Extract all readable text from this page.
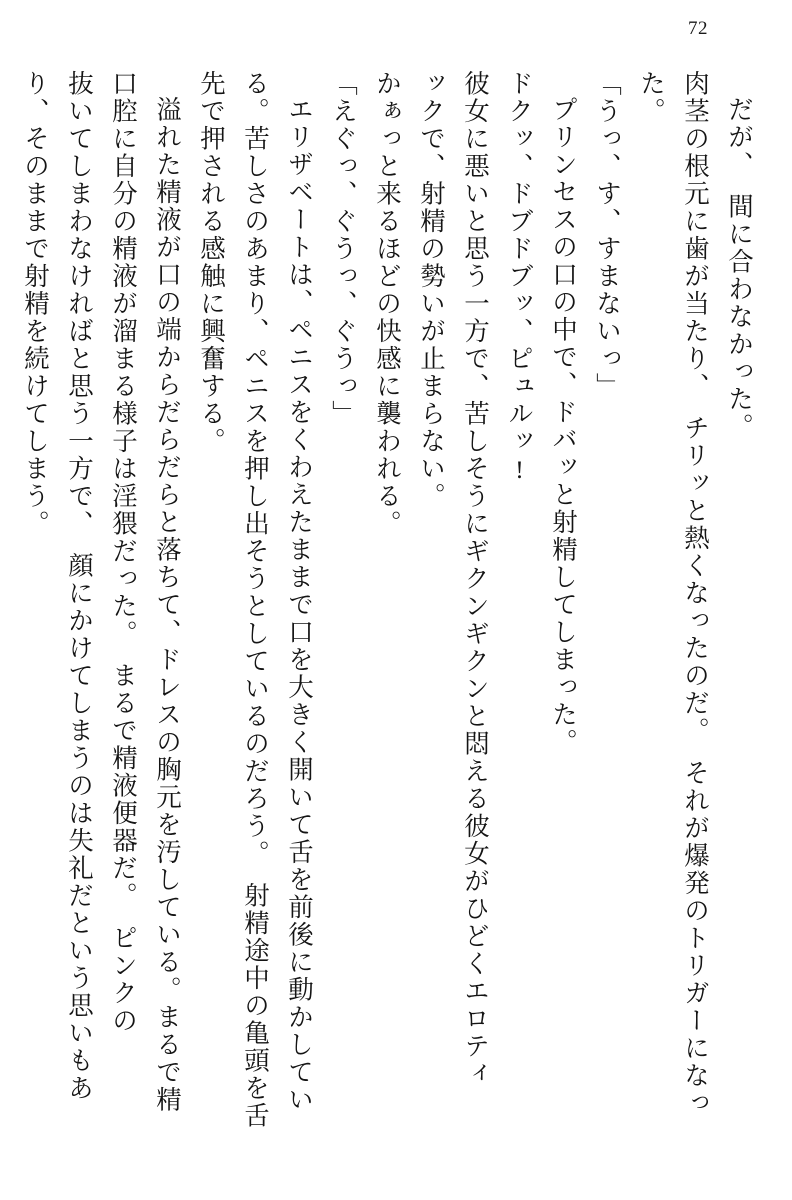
72
だが、　間に合わなかった。
肉茎の根元に歯が当たり、　チリッと熱くなったのだ。　それが爆発のトリガーになっ
た。
「うっ、す、すまないっ」
プリンセスの口の中で、ドバッと射精してしまった。
ドクッ、ドブドブッ、ピュルッ!
彼女に悪いと思う一方で、苦しそうにギクンギクンと悶える彼女がひどくエロティ
ックで、射精の勢いが止まらない。
かぁっと来るほどの快感に襲われる。
「えぐっ、ぐうっ、ぐうっ」
エリザベートは、ペニスをくわえたままで口を大きく開いて舌を前後に動かしてい
る。苦しさのあまり、ペニスを押し出そうとしているのだろう。　射精途中の亀頭を舌
先で押される感触に興奮する。
溢れた精液が口の端からだらだらと落ちて、ドレスの胸元を汚している。まるで精
口腔に自分の精液が溜まる様子は淫猥だった。　まるで精液便器だ。　ピンクの
抜いてしまわなければと思う一方で、　顔にかけてしまうのは失礼だという思いもあ
り、そのままで射精を続けてしまう。
